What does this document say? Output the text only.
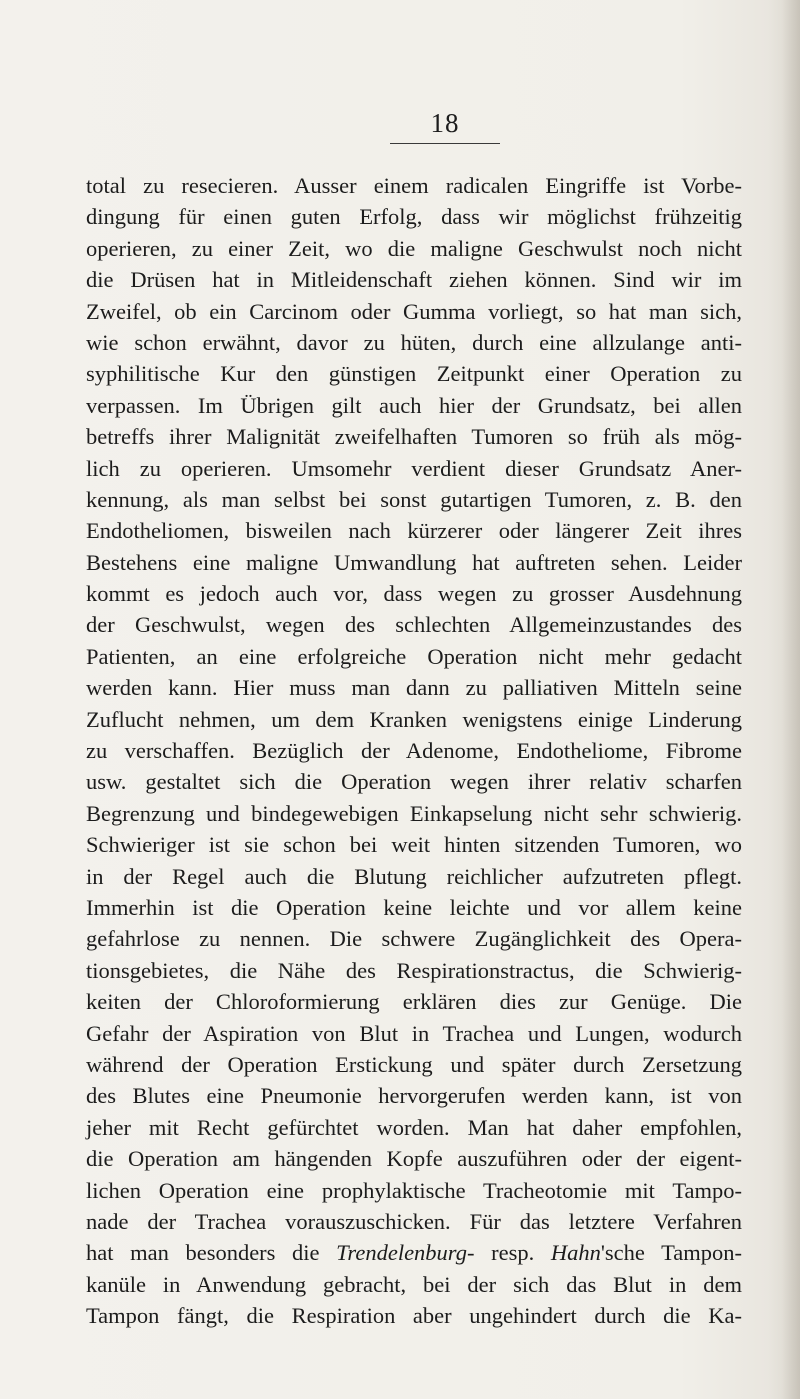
18
total zu resecieren. Ausser einem radicalen Eingriffe ist Vorbe-
dingung für einen guten Erfolg, dass wir möglichst frühzeitig
operieren, zu einer Zeit, wo die maligne Geschwulst noch nicht
die Drüsen hat in Mitleidenschaft ziehen können. Sind wir im
Zweifel, ob ein Carcinom oder Gumma vorliegt, so hat man sich,
wie schon erwähnt, davor zu hüten, durch eine allzulange anti-
syphilitische Kur den günstigen Zeitpunkt einer Operation zu
verpassen. Im Übrigen gilt auch hier der Grundsatz, bei allen
betreffs ihrer Malignität zweifelhaften Tumoren so früh als mög-
lich zu operieren. Umsomehr verdient dieser Grundsatz Aner-
kennung, als man selbst bei sonst gutartigen Tumoren, z. B. den
Endotheliomen, bisweilen nach kürzerer oder längerer Zeit ihres
Bestehens eine maligne Umwandlung hat auftreten sehen. Leider
kommt es jedoch auch vor, dass wegen zu grosser Ausdehnung
der Geschwulst, wegen des schlechten Allgemeinzustandes des
Patienten, an eine erfolgreiche Operation nicht mehr gedacht
werden kann. Hier muss man dann zu palliativen Mitteln seine
Zuflucht nehmen, um dem Kranken wenigstens einige Linderung
zu verschaffen. Bezüglich der Adenome, Endotheliome, Fibrome
usw. gestaltet sich die Operation wegen ihrer relativ scharfen
Begrenzung und bindegewebigen Einkapselung nicht sehr schwierig.
Schwieriger ist sie schon bei weit hinten sitzenden Tumoren, wo
in der Regel auch die Blutung reichlicher aufzutreten pflegt.
Immerhin ist die Operation keine leichte und vor allem keine
gefahrlose zu nennen. Die schwere Zugänglichkeit des Opera-
tionsgebietes, die Nähe des Respirationstractus, die Schwierig-
keiten der Chloroformierung erklären dies zur Genüge. Die
Gefahr der Aspiration von Blut in Trachea und Lungen, wodurch
während der Operation Erstickung und später durch Zersetzung
des Blutes eine Pneumonie hervorgerufen werden kann, ist von
jeher mit Recht gefürchtet worden. Man hat daher empfohlen,
die Operation am hängenden Kopfe auszuführen oder der eigent-
lichen Operation eine prophylaktische Tracheotomie mit Tampo-
nade der Trachea vorauszuschicken. Für das letztere Verfahren
hat man besonders die Trendelenburg- resp. Hahn'sche Tampon-
kanüle in Anwendung gebracht, bei der sich das Blut in dem
Tampon fängt, die Respiration aber ungehindert durch die Ka-
